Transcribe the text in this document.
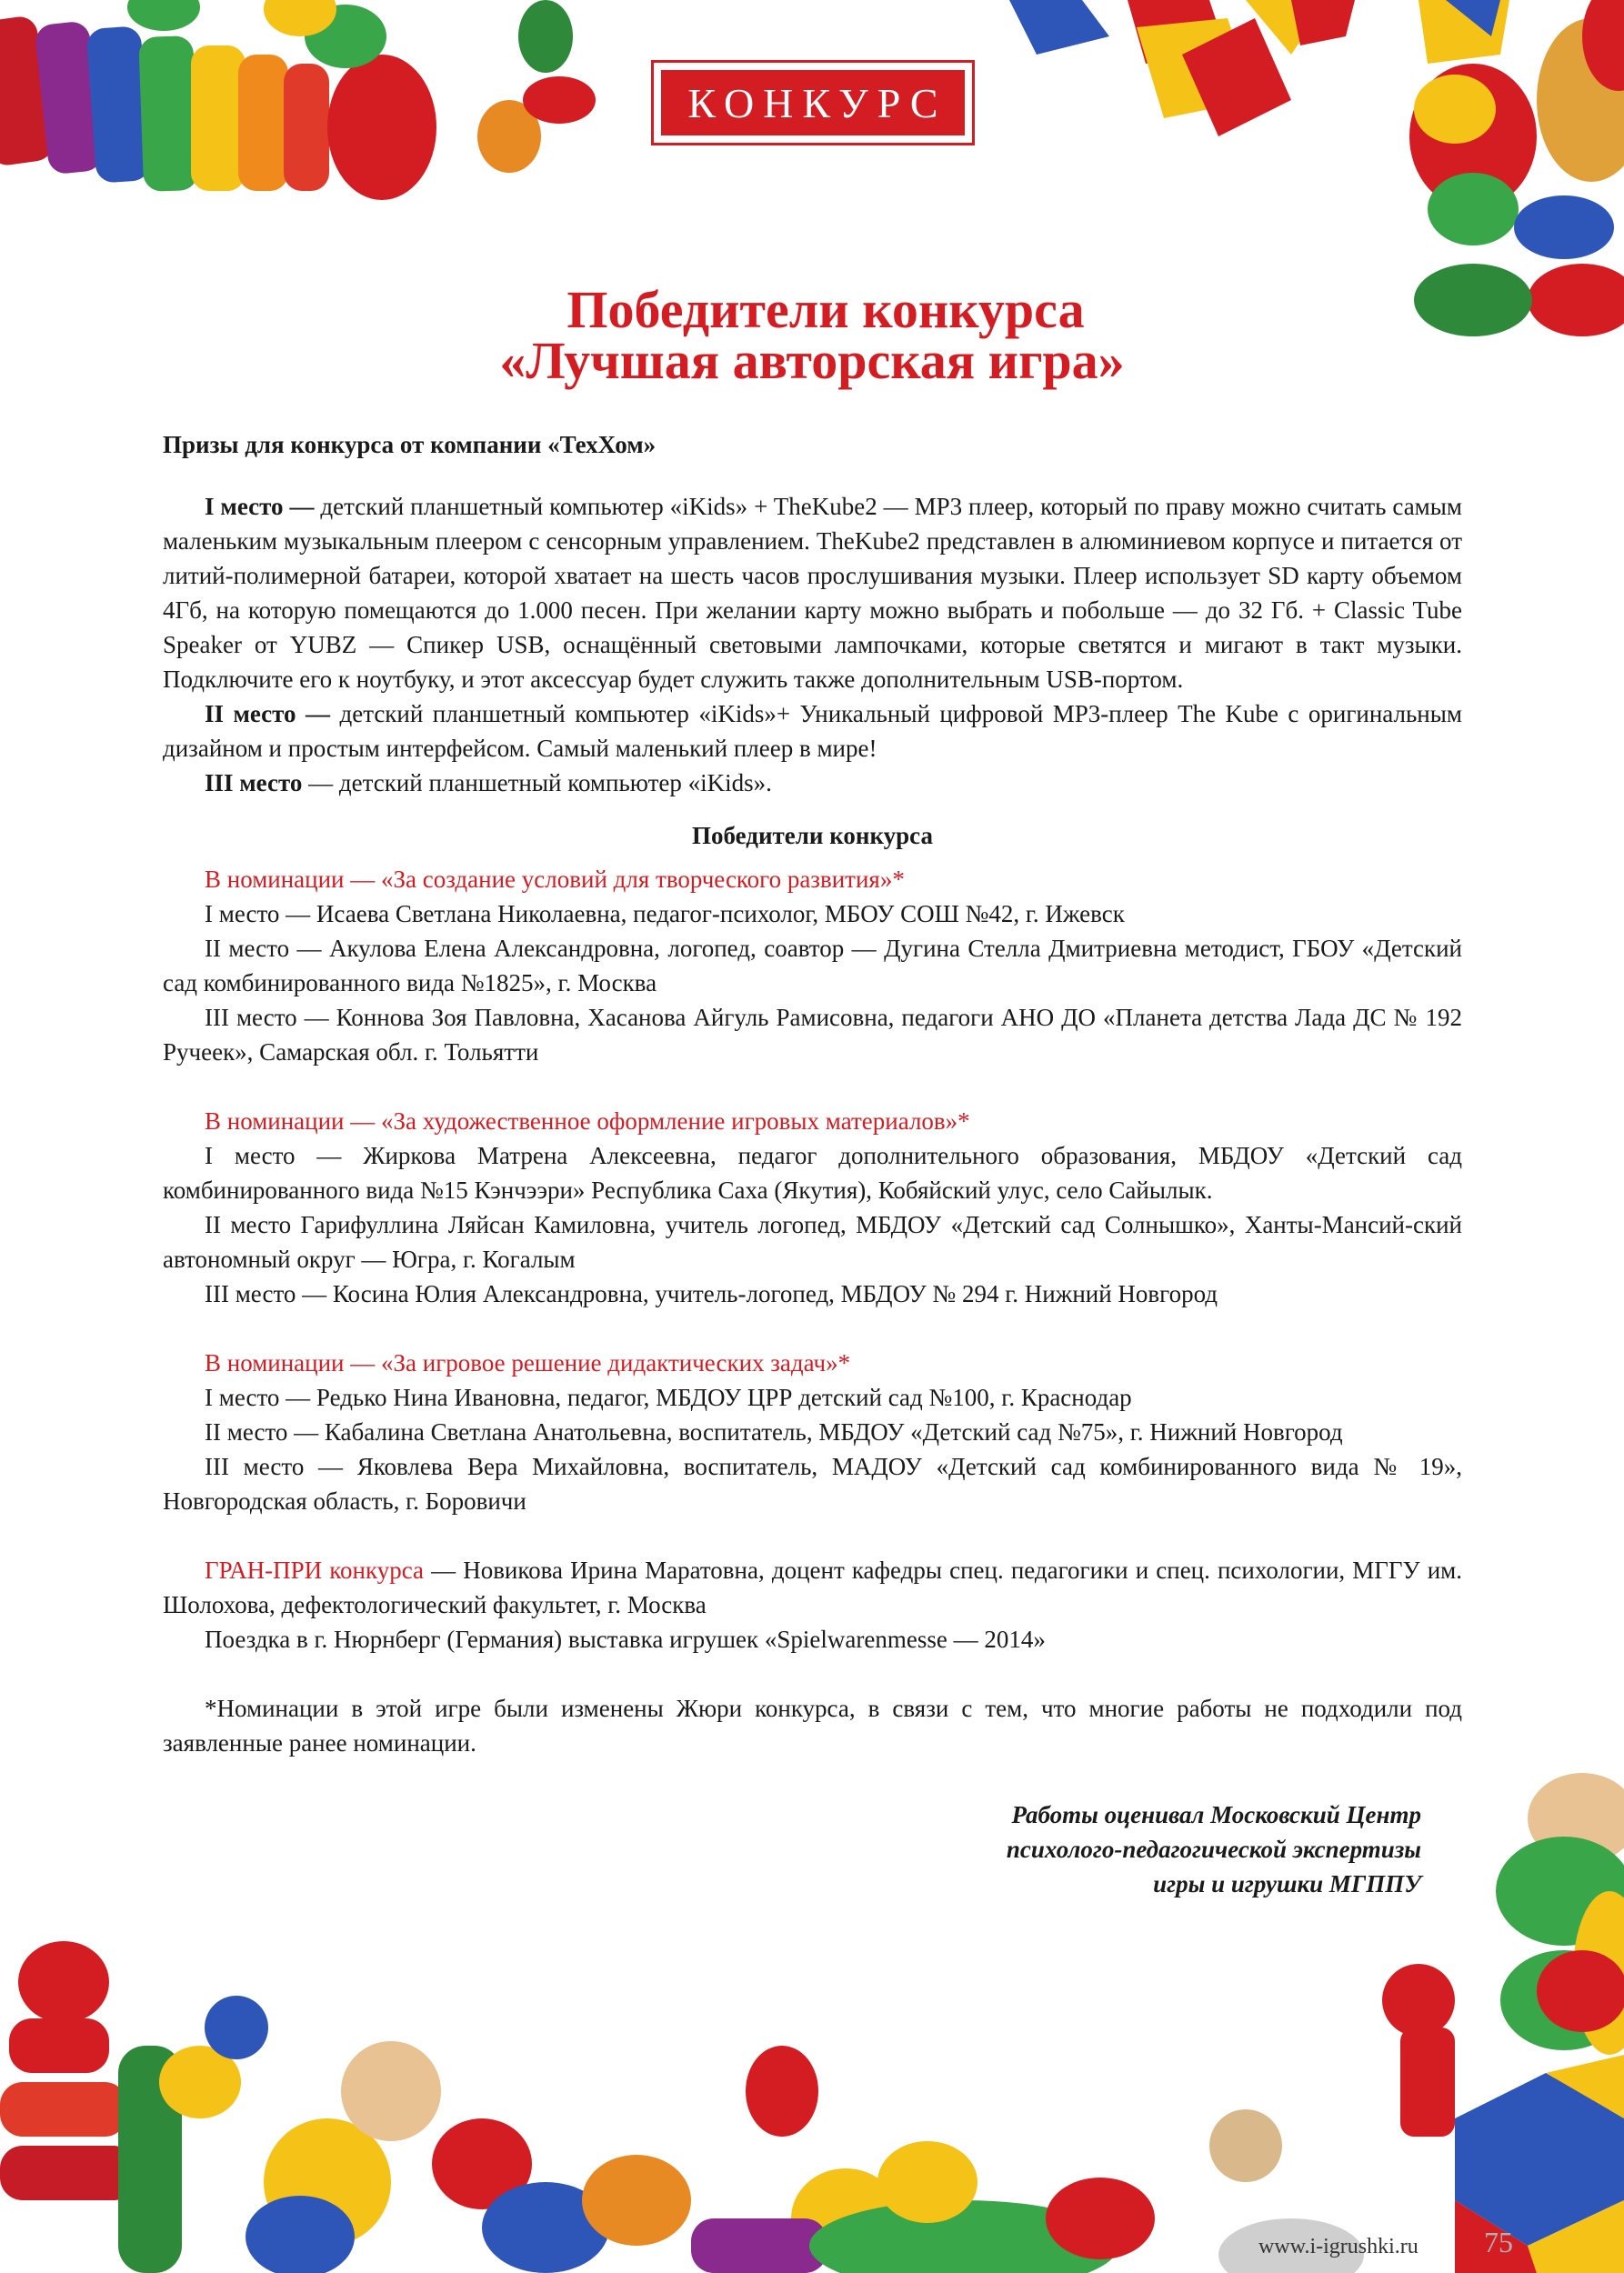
КОНКУРС
Победители конкурса
«Лучшая авторская игра»

Призы для конкурса от компании «ТехХом»

I место — детский планшетный компьютер «iKids» + TheKube2 — MP3 плеер, который по праву можно считать самым маленьким музыкальным плеером с сенсорным управлением. TheKube2 представлен в алюминиевом корпусе и питается от литий-полимерной батареи, которой хватает на шесть часов прослушивания музыки. Плеер использует SD карту объемом 4Гб, на которую помещаются до 1.000 песен. При желании карту можно выбрать и побольше — до 32 Гб. + Classic Tube Speaker от YUBZ — Спикер USB, оснащённый световыми лампочками, которые светятся и мигают в такт музыки. Подключите его к ноутбуку, и этот аксессуар будет служить также дополнительным USB-портом.

II место — детский планшетный компьютер «iKids»+ Уникальный цифровой MP3-плеер The Kube с оригинальным дизайном и простым интерфейсом. Самый маленький плеер в мире!

III место — детский планшетный компьютер «iKids».

Победители конкурса

В номинации — «За создание условий для творческого развития»*

I место — Исаева Светлана Николаевна, педагог-психолог, МБОУ СОШ №42, г. Ижевск

II место — Акулова Елена Александровна, логопед, соавтор — Дугина Стелла Дмитриевна методист, ГБОУ «Детский сад комбинированного вида №1825», г. Москва

III место — Коннова Зоя Павловна, Хасанова Айгуль Рамисовна, педагоги АНО ДО «Планета детства Лада ДС № 192 Ручеек», Самарская обл. г. Тольятти

В номинации — «За художественное оформление игровых материалов»*

I место — Жиркова Матрена Алексеевна, педагог дополнительного образования, МБДОУ «Детский сад комбинированного вида №15 Кэнчээри» Республика Саха (Якутия), Кобяйский улус, село Сайылык.

II место Гарифуллина Ляйсан Камиловна, учитель логопед, МБДОУ «Детский сад Солнышко», Ханты-Мансий-ский автономный округ — Югра, г. Когалым

III место — Косина Юлия Александровна, учитель-логопед, МБДОУ № 294 г. Нижний Новгород

В номинации — «За игровое решение дидактических задач»*

I место — Редько Нина Ивановна, педагог, МБДОУ ЦРР детский сад №100, г. Краснодар

II место — Кабалина Светлана Анатольевна, воспитатель, МБДОУ «Детский сад №75», г. Нижний Новгород

III место — Яковлева Вера Михайловна, воспитатель, МАДОУ «Детский сад комбинированного вида № 19», Новгородская область, г. Боровичи

ГРАН-ПРИ конкурса — Новикова Ирина Маратовна, доцент кафедры спец. педагогики и спец. психологии, МГГУ им. Шолохова, дефектологический факультет, г. Москва

Поездка в г. Нюрнберг (Германия) выставка игрушек «Spielwarenmesse — 2014»

*Номинации в этой игре были изменены Жюри конкурса, в связи с тем, что многие работы не подходили под заявленные ранее номинации.

Работы оценивал Московский Центр
психолого-педагогической экспертизы
игры и игрушки МГППУ
www.i-igrushki.ru 75
